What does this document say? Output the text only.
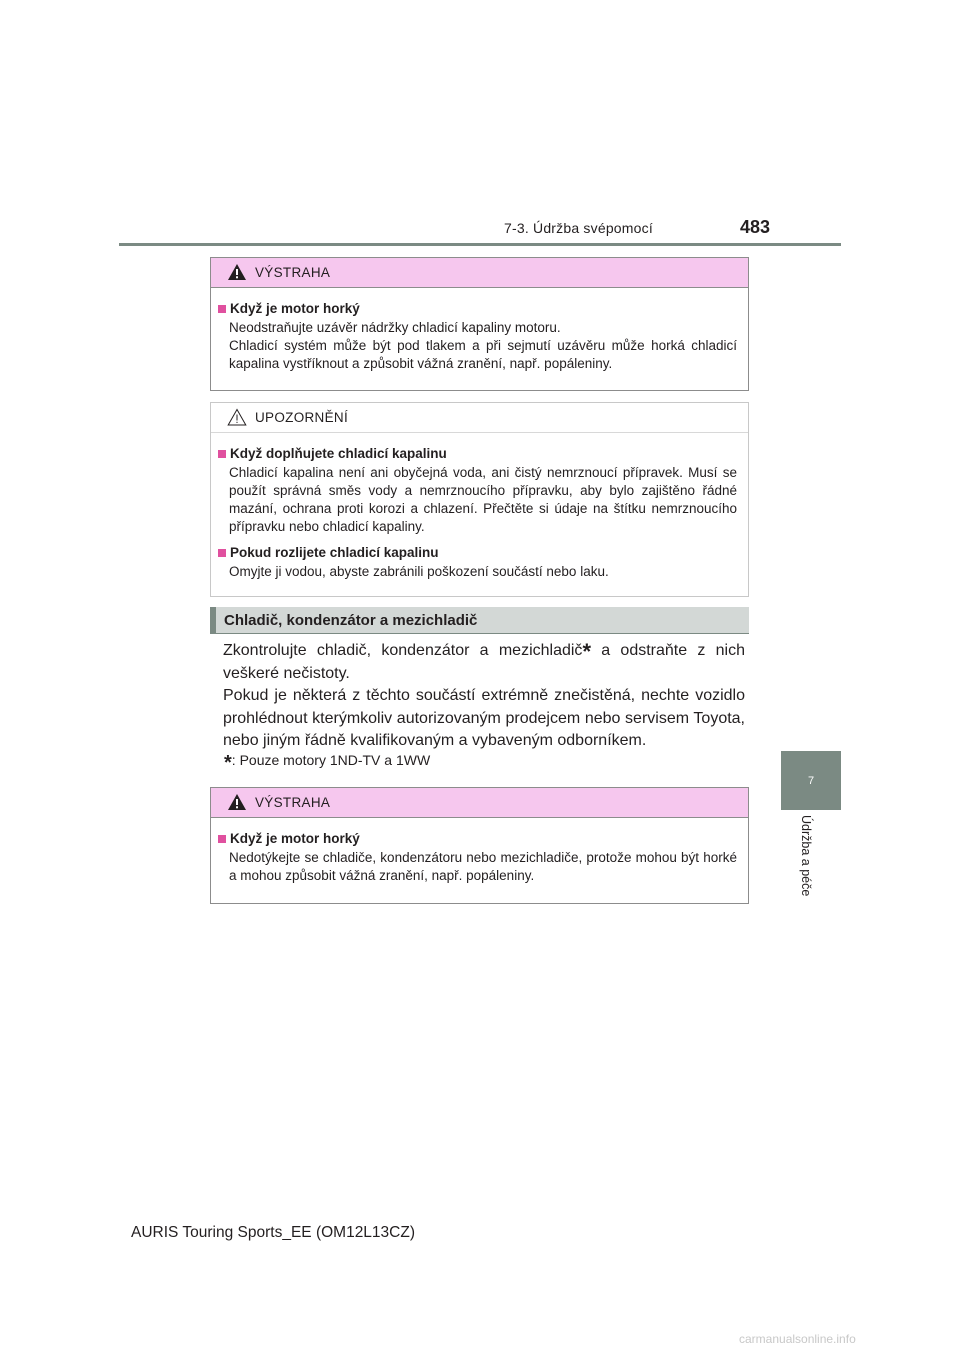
7-3. Údržba svépomocí	483
7
Údržba a péče
VÝSTRAHA
Když je motor horký
Neodstraňujte uzávěr nádržky chladicí kapaliny motoru.
Chladicí systém může být pod tlakem a při sejmutí uzávěru může horká chladicí kapalina vystříknout a způsobit vážná zranění, např. popáleniny.
UPOZORNĚNÍ
Když doplňujete chladicí kapalinu
Chladicí kapalina není ani obyčejná voda, ani čistý nemrznoucí přípravek. Musí se použít správná směs vody a nemrznoucího přípravku, aby bylo zajištěno řádné mazání, ochrana proti korozi a chlazení. Přečtěte si údaje na štítku nemrznoucího přípravku nebo chladicí kapaliny.
Pokud rozlijete chladicí kapalinu
Omyjte ji vodou, abyste zabránili poškození součástí nebo laku.
Chladič, kondenzátor a mezichladič

Zkontrolujte chladič, kondenzátor a mezichladič* a odstraňte z nich veškeré nečistoty.

Pokud je některá z těchto součástí extrémně znečistěná, nechte vozidlo prohlédnout kterýmkoliv autorizovaným prodejcem nebo servisem Toyota, nebo jiným řádně kvalifikovaným a vybaveným odborníkem.

*: Pouze motory 1ND-TV a 1WW
VÝSTRAHA
Když je motor horký
Nedotýkejte se chladiče, kondenzátoru nebo mezichladiče, protože mohou být horké a mohou způsobit vážná zranění, např. popáleniny.
AURIS Touring Sports_EE (OM12L13CZ)
carmanualsonline.info
